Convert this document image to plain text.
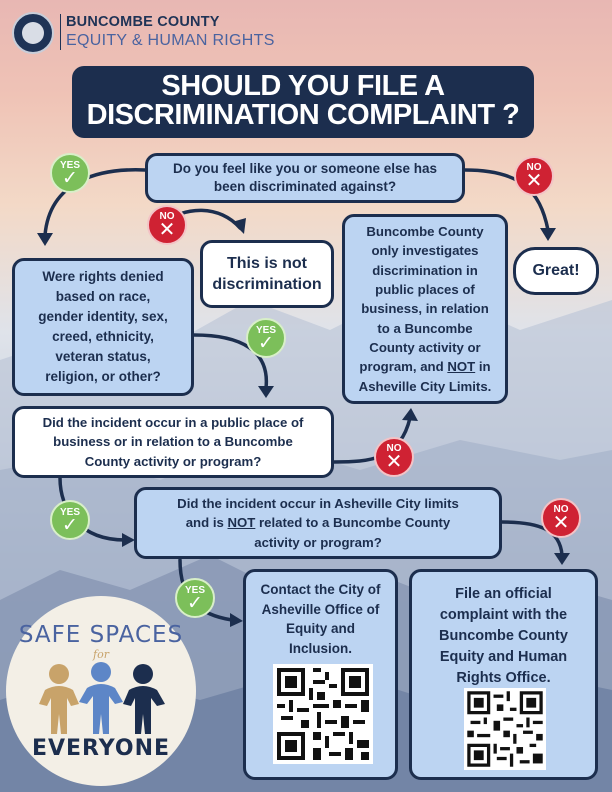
BUNCOMBE COUNTY
EQUITY & HUMAN RIGHTS
SHOULD YOU FILE A
DISCRIMINATION COMPLAINT ?
Do you feel like you or someone else has
been discriminated against?
Were rights denied
based on race,
gender identity, sex,
creed, ethnicity,
veteran status,
religion, or other?
This is not
discrimination
Buncombe County
only investigates
discrimination in
public places of
business, in relation
to a Buncombe
County activity or
program, and NOT in
Asheville City Limits.
Great!
Did the incident occur in a public place of
business or in relation to a Buncombe
County activity or program?
Did the incident occur in Asheville City limits
and is NOT related to a Buncombe County
activity or program?
Contact the City of
Asheville Office of
Equity and
Inclusion.
File an official
complaint with the
Buncombe County
Equity and Human
Rights Office.
YES
✓
YES
✓
YES
✓
YES
✓
NO
✕
NO
✕
NO
✕
NO
✕
SAFE SPACES
for
EVERYONE
